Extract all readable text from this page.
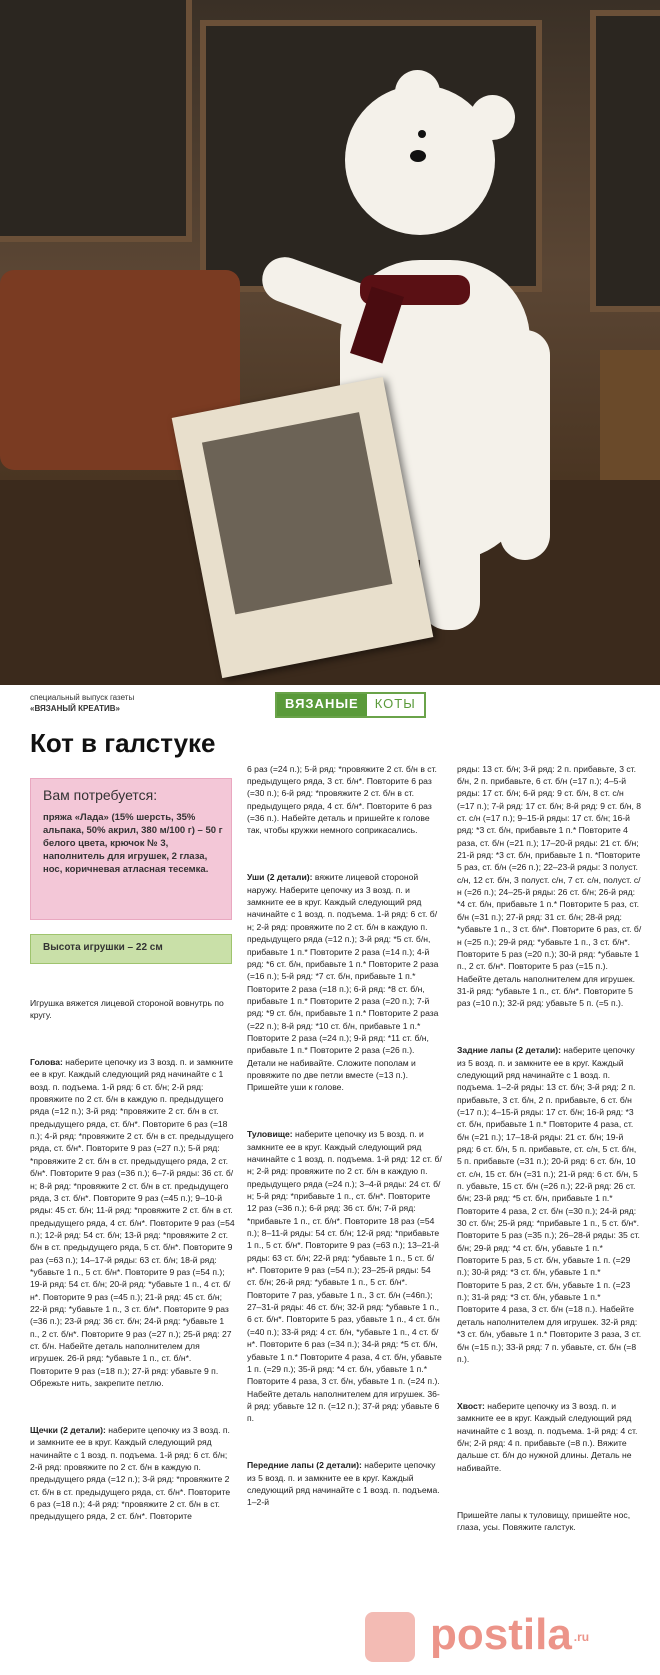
специальный выпуск газеты
«ВЯЗАНЫЙ КРЕАТИВ»	ВЯЗАНЫЕ	КОТЫ
Кот в галстуке
Вам потребуется:
пряжа «Лада» (15% шерсть, 35% альпака, 50% акрил, 380 м/100 г) – 50 г белого цвета, крючок № 3, наполнитель для игрушек, 2 глаза, нос, коричневая атласная тесемка.
Высота игрушки – 22 см

Игрушка вяжется лицевой стороной вовнутрь по кругу.

Голова: наберите цепочку из 3 возд. п. и замкните ее в круг. Каждый следующий ряд начинайте с 1 возд. п. подъема. 1-й ряд: 6 ст. б/н; 2-й ряд: провяжите по 2 ст. б/н в каждую п. предыдущего ряда (=12 п.); 3-й ряд: *провяжите 2 ст. б/н в ст. предыдущего ряда, ст. б/н*. Повторите 6 раз (=18 п.); 4-й ряд: *провяжите 2 ст. б/н в ст. предыдущего ряда, ст. б/н*. Повторите 9 раз (=27 п.); 5-й ряд: *провяжите 2 ст. б/н в ст. предыдущего ряда, 2 ст. б/н*. Повторите 9 раз (=36 п.); 6–7-й ряды: 36 ст. б/н; 8-й ряд: *провяжите 2 ст. б/н в ст. предыдущего ряда, 3 ст. б/н*. Повторите 9 раз (=45 п.); 9–10-й ряды: 45 ст. б/н; 11-й ряд: *провяжите 2 ст. б/н в ст. предыдущего ряда, 4 ст. б/н*. Повторите 9 раз (=54 п.); 12-й ряд: 54 ст. б/н; 13-й ряд: *провяжите 2 ст. б/н в ст. предыдущего ряда, 5 ст. б/н*. Повторите 9 раз (=63 п.); 14–17-й ряды: 63 ст. б/н; 18-й ряд: *убавьте 1 п., 5 ст. б/н*. Повторите 9 раз (=54 п.); 19-й ряд: 54 ст. б/н; 20-й ряд: *убавьте 1 п., 4 ст. б/н*. Повторите 9 раз (=45 п.); 21-й ряд: 45 ст. б/н; 22-й ряд: *убавьте 1 п., 3 ст. б/н*. Повторите 9 раз (=36 п.); 23-й ряд: 36 ст. б/н; 24-й ряд: *убавьте 1 п., 2 ст. б/н*. Повторите 9 раз (=27 п.); 25-й ряд: 27 ст. б/н. Набейте деталь наполнителем для игрушек. 26-й ряд: *убавьте 1 п., ст. б/н*. Повторите 9 раз (=18 п.); 27-й ряд: убавьте 9 п. Обрежьте нить, закрепите петлю.

Щечки (2 детали): наберите цепочку из 3 возд. п. и замкните ее в круг. Каждый следующий ряд начинайте с 1 возд. п. подъема. 1-й ряд: 6 ст. б/н; 2-й ряд: провяжите по 2 ст. б/н в каждую п. предыдущего ряда (=12 п.); 3-й ряд: *провяжите 2 ст. б/н в ст. предыдущего ряда, ст. б/н*. Повторите 6 раз (=18 п.); 4-й ряд: *провяжите 2 ст. б/н в ст. предыдущего ряда, 2 ст. б/н*. Повторите

6 раз (=24 п.); 5-й ряд: *провяжите 2 ст. б/н в ст. предыдущего ряда, 3 ст. б/н*. Повторите 6 раз (=30 п.); 6-й ряд: *провяжите 2 ст. б/н в ст. предыдущего ряда, 4 ст. б/н*. Повторите 6 раз (=36 п.). Набейте деталь и пришейте к голове так, чтобы кружки немного соприкасались.

Уши (2 детали): вяжите лицевой стороной наружу. Наберите цепочку из 3 возд. п. и замкните ее в круг. Каждый следующий ряд начинайте с 1 возд. п. подъема. 1-й ряд: 6 ст. б/н; 2-й ряд: провяжите по 2 ст. б/н в каждую п. предыдущего ряда (=12 п.); 3-й ряд: *5 ст. б/н, прибавьте 1 п.* Повторите 2 раза (=14 п.); 4-й ряд: *6 ст. б/н, прибавьте 1 п.* Повторите 2 раза (=16 п.); 5-й ряд: *7 ст. б/н, прибавьте 1 п.* Повторите 2 раза (=18 п.); 6-й ряд: *8 ст. б/н, прибавьте 1 п.* Повторите 2 раза (=20 п.); 7-й ряд: *9 ст. б/н, прибавьте 1 п.* Повторите 2 раза (=22 п.); 8-й ряд: *10 ст. б/н, прибавьте 1 п.* Повторите 2 раза (=24 п.); 9-й ряд: *11 ст. б/н, прибавьте 1 п.* Повторите 2 раза (=26 п.). Детали не набивайте. Сложите пополам и провяжите по две петли вместе (=13 п.). Пришейте уши к голове.

Туловище: наберите цепочку из 5 возд. п. и замкните ее в круг. Каждый следующий ряд начинайте с 1 возд. п. подъема. 1-й ряд: 12 ст. б/н; 2-й ряд: провяжите по 2 ст. б/н в каждую п. предыдущего ряда (=24 п.); 3–4-й ряды: 24 ст. б/н; 5-й ряд: *прибавьте 1 п., ст. б/н*. Повторите 12 раз (=36 п.); 6-й ряд: 36 ст. б/н; 7-й ряд: *прибавьте 1 п., ст. б/н*. Повторите 18 раз (=54 п.); 8–11-й ряды: 54 ст. б/н; 12-й ряд: *прибавьте 1 п., 5 ст. б/н*. Повторите 9 раз (=63 п.); 13–21-й ряды: 63 ст. б/н; 22-й ряд: *убавьте 1 п., 5 ст. б/н*. Повторите 9 раз (=54 п.); 23–25-й ряды: 54 ст. б/н; 26-й ряд: *убавьте 1 п., 5 ст. б/н*. Повторите 7 раз, убавьте 1 п., 3 ст. б/н (=46п.); 27–31-й ряды: 46 ст. б/н; 32-й ряд: *убавьте 1 п., 6 ст. б/н*. Повторите 5 раз, убавьте 1 п., 4 ст. б/н (=40 п.); 33-й ряд: 4 ст. б/н, *убавьте 1 п., 4 ст. б/н*. Повторите 6 раз (=34 п.); 34-й ряд: *5 ст. б/н, убавьте 1 п.* Повторите 4 раза, 4 ст. б/н, убавьте 1 п. (=29 п.); 35-й ряд: *4 ст. б/н, убавьте 1 п.* Повторите 4 раза, 3 ст. б/н, убавьте 1 п. (=24 п.). Набейте деталь наполнителем для игрушек. 36-й ряд: убавьте 12 п. (=12 п.); 37-й ряд: убавьте 6 п.

Передние лапы (2 детали): наберите цепочку из 5 возд. п. и замкните ее в круг. Каждый следующий ряд начинайте с 1 возд. п. подъема. 1–2-й

ряды: 13 ст. б/н; 3-й ряд: 2 п. прибавьте, 3 ст. б/н, 2 п. прибавьте, 6 ст. б/н (=17 п.); 4–5-й ряды: 17 ст. б/н; 6-й ряд: 9 ст. б/н, 8 ст. с/н (=17 п.); 7-й ряд: 17 ст. б/н; 8-й ряд: 9 ст. б/н, 8 ст. с/н (=17 п.); 9–15-й ряды: 17 ст. б/н; 16-й ряд: *3 ст. б/н, прибавьте 1 п.* Повторите 4 раза, ст. б/н (=21 п.); 17–20-й ряды: 21 ст. б/н; 21-й ряд: *3 ст. б/н, прибавьте 1 п. *Повторите 5 раз, ст. б/н (=26 п.); 22–23-й ряды: 3 полуст. с/н, 12 ст. б/н, 3 полуст. с/н, 7 ст. с/н, полуст. с/н (=26 п.); 24–25-й ряды: 26 ст. б/н; 26-й ряд: *4 ст. б/н, прибавьте 1 п.* Повторите 5 раз, ст. б/н (=31 п.); 27-й ряд: 31 ст. б/н; 28-й ряд: *убавьте 1 п., 3 ст. б/н*. Повторите 6 раз, ст. б/н (=25 п.); 29-й ряд: *убавьте 1 п., 3 ст. б/н*. Повторите 5 раз (=20 п.); 30-й ряд: *убавьте 1 п., 2 ст. б/н*. Повторите 5 раз (=15 п.). Набейте деталь наполнителем для игрушек. 31-й ряд: *убавьте 1 п., ст. б/н*. Повторите 5 раз (=10 п.); 32-й ряд: убавьте 5 п. (=5 п.).

Задние лапы (2 детали): наберите цепочку из 5 возд. п. и замкните ее в круг. Каждый следующий ряд начинайте с 1 возд. п. подъема. 1–2-й ряды: 13 ст. б/н; 3-й ряд: 2 п. прибавьте, 3 ст. б/н, 2 п. прибавьте, 6 ст. б/н (=17 п.); 4–15-й ряды: 17 ст. б/н; 16-й ряд: *3 ст. б/н, прибавьте 1 п.* Повторите 4 раза, ст. б/н (=21 п.); 17–18-й ряды: 21 ст. б/н; 19-й ряд: 6 ст. б/н, 5 п. прибавьте, ст. с/н, 5 ст. б/н, 5 п. прибавьте (=31 п.); 20-й ряд: 6 ст. б/н, 10 ст. с/н, 15 ст. б/н (=31 п.); 21-й ряд: 6 ст. б/н, 5 п. убавьте, 15 ст. б/н (=26 п.); 22-й ряд: 26 ст. б/н; 23-й ряд: *5 ст. б/н, прибавьте 1 п.* Повторите 4 раза, 2 ст. б/н (=30 п.); 24-й ряд: 30 ст. б/н; 25-й ряд: *прибавьте 1 п., 5 ст. б/н*. Повторите 5 раз (=35 п.); 26–28-й ряды: 35 ст. б/н; 29-й ряд: *4 ст. б/н, убавьте 1 п.* Повторите 5 раз, 5 ст. б/н, убавьте 1 п. (=29 п.); 30-й ряд: *3 ст. б/н, убавьте 1 п.* Повторите 5 раз, 2 ст. б/н, убавьте 1 п. (=23 п.); 31-й ряд: *3 ст. б/н, убавьте 1 п.* Повторите 4 раза, 3 ст. б/н (=18 п.). Набейте деталь наполнителем для игрушек. 32-й ряд: *3 ст. б/н, убавьте 1 п.* Повторите 3 раза, 3 ст. б/н (=15 п.); 33-й ряд: 7 п. убавьте, ст. б/н (=8 п.).

Хвост: наберите цепочку из 3 возд. п. и замкните ее в круг. Каждый следующий ряд начинайте с 1 возд. п. подъема. 1-й ряд: 4 ст. б/н; 2-й ряд: 4 п. прибавьте (=8 п.). Вяжите дальше ст. б/н до нужной длины. Деталь не набивайте.

Пришейте лапы к туловищу, пришейте нос, глаза, усы. Повяжите галстук.

postila .ru
